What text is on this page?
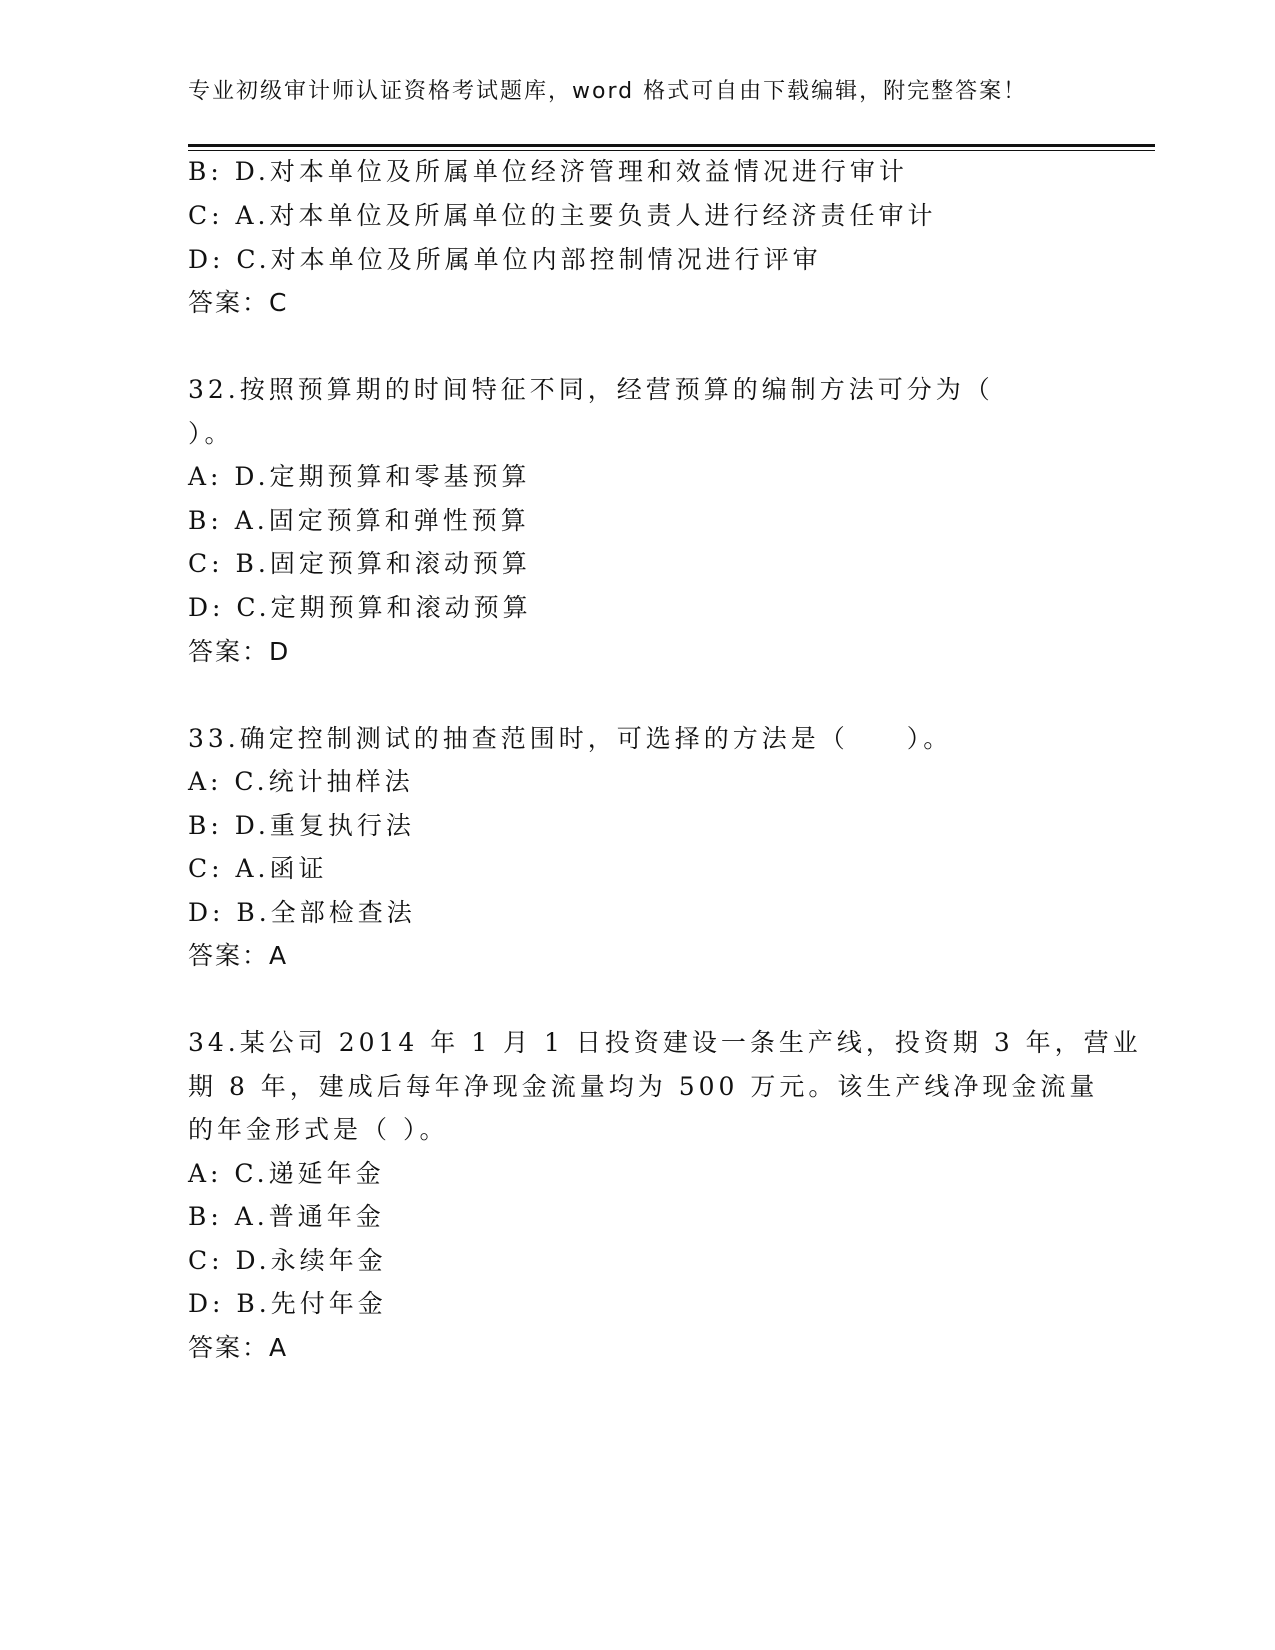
专业初级审计师认证资格考试题库，word 格式可自由下载编辑，附完整答案！
B: D.对本单位及所属单位经济管理和效益情况进行审计
C: A.对本单位及所属单位的主要负责人进行经济责任审计
D: C.对本单位及所属单位内部控制情况进行评审
答案：C
32.按照预算期的时间特征不同，经营预算的编制方法可分为（
）。
A: D.定期预算和零基预算
B: A.固定预算和弹性预算
C: B.固定预算和滚动预算
D: C.定期预算和滚动预算
答案：D
33.确定控制测试的抽查范围时，可选择的方法是（　　）。
A: C.统计抽样法
B: D.重复执行法
C: A.函证
D: B.全部检查法
答案：A
34.某公司 2014 年 1 月 1 日投资建设一条生产线，投资期 3 年，营业
期 8 年，建成后每年净现金流量均为 500 万元。该生产线净现金流量
的年金形式是（ ）。
A: C.递延年金
B: A.普通年金
C: D.永续年金
D: B.先付年金
答案：A
